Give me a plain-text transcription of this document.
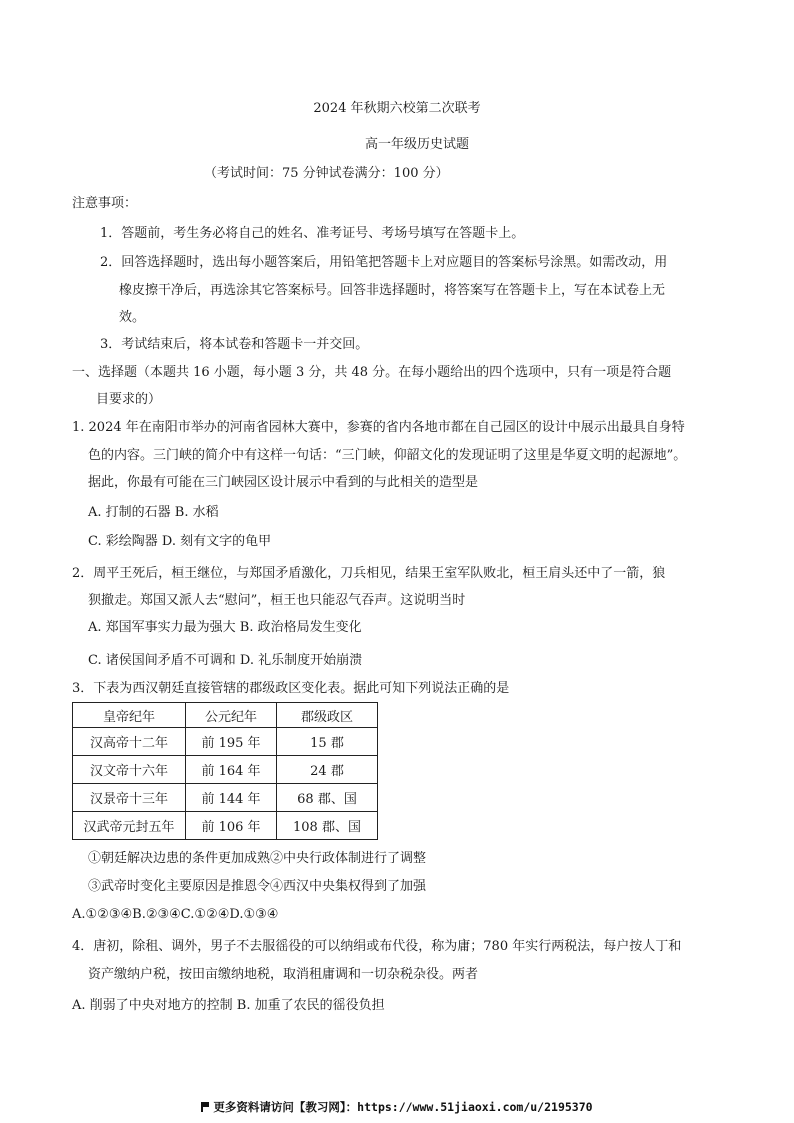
2024 年秋期六校第二次联考
高一年级历史试题
（考试时间：75 分钟试卷满分：100 分）
注意事项：
1．答题前，考生务必将自己的姓名、准考证号、考场号填写在答题卡上。
2．回答选择题时，选出每小题答案后，用铅笔把答题卡上对应题目的答案标号涂黑。如需改动，用
橡皮擦干净后，再选涂其它答案标号。回答非选择题时，将答案写在答题卡上，写在本试卷上无
效。
3．考试结束后，将本试卷和答题卡一并交回。
一、选择题（本题共 16 小题，每小题 3 分，共 48 分。在每小题给出的四个选项中，只有一项是符合题
目要求的）
1. 2024 年在南阳市举办的河南省园林大赛中，参赛的省内各地市都在自己园区的设计中展示出最具自身特
色的内容。三门峡的简介中有这样一句话：“三门峡，仰韶文化的发现证明了这里是华夏文明的起源地”。
据此，你最有可能在三门峡园区设计展示中看到的与此相关的造型是
A. 打制的石器 B. 水稻
C. 彩绘陶器 D. 刻有文字的龟甲
2．周平王死后，桓王继位，与郑国矛盾激化，刀兵相见，结果王室军队败北，桓王肩头还中了一箭，狼
狈撤走。郑国又派人去“慰问”，桓王也只能忍气吞声。这说明当时
A. 郑国军事实力最为强大 B. 政治格局发生变化
C. 诸侯国间矛盾不可调和 D. 礼乐制度开始崩溃
3．下表为西汉朝廷直接管辖的郡级政区变化表。据此可知下列说法正确的是
皇帝纪年	公元纪年	郡级政区
汉高帝十二年	前 195 年	15 郡
汉文帝十六年	前 164 年	24 郡
汉景帝十三年	前 144 年	68 郡、国
汉武帝元封五年	前 106 年	108 郡、国
①朝廷解决边患的条件更加成熟②中央行政体制进行了调整
③武帝时变化主要原因是推恩令④西汉中央集权得到了加强
A.①②③④B.②③④C.①②④D.①③④
4．唐初，除租、调外，男子不去服徭役的可以纳绢或布代役，称为庸；780 年实行两税法，每户按人丁和
资产缴纳户税，按田亩缴纳地税，取消租庸调和一切杂税杂役。两者
A. 削弱了中央对地方的控制 B. 加重了农民的徭役负担
更多资料请访问【教习网】：https://www.51jiaoxi.com/u/2195370
